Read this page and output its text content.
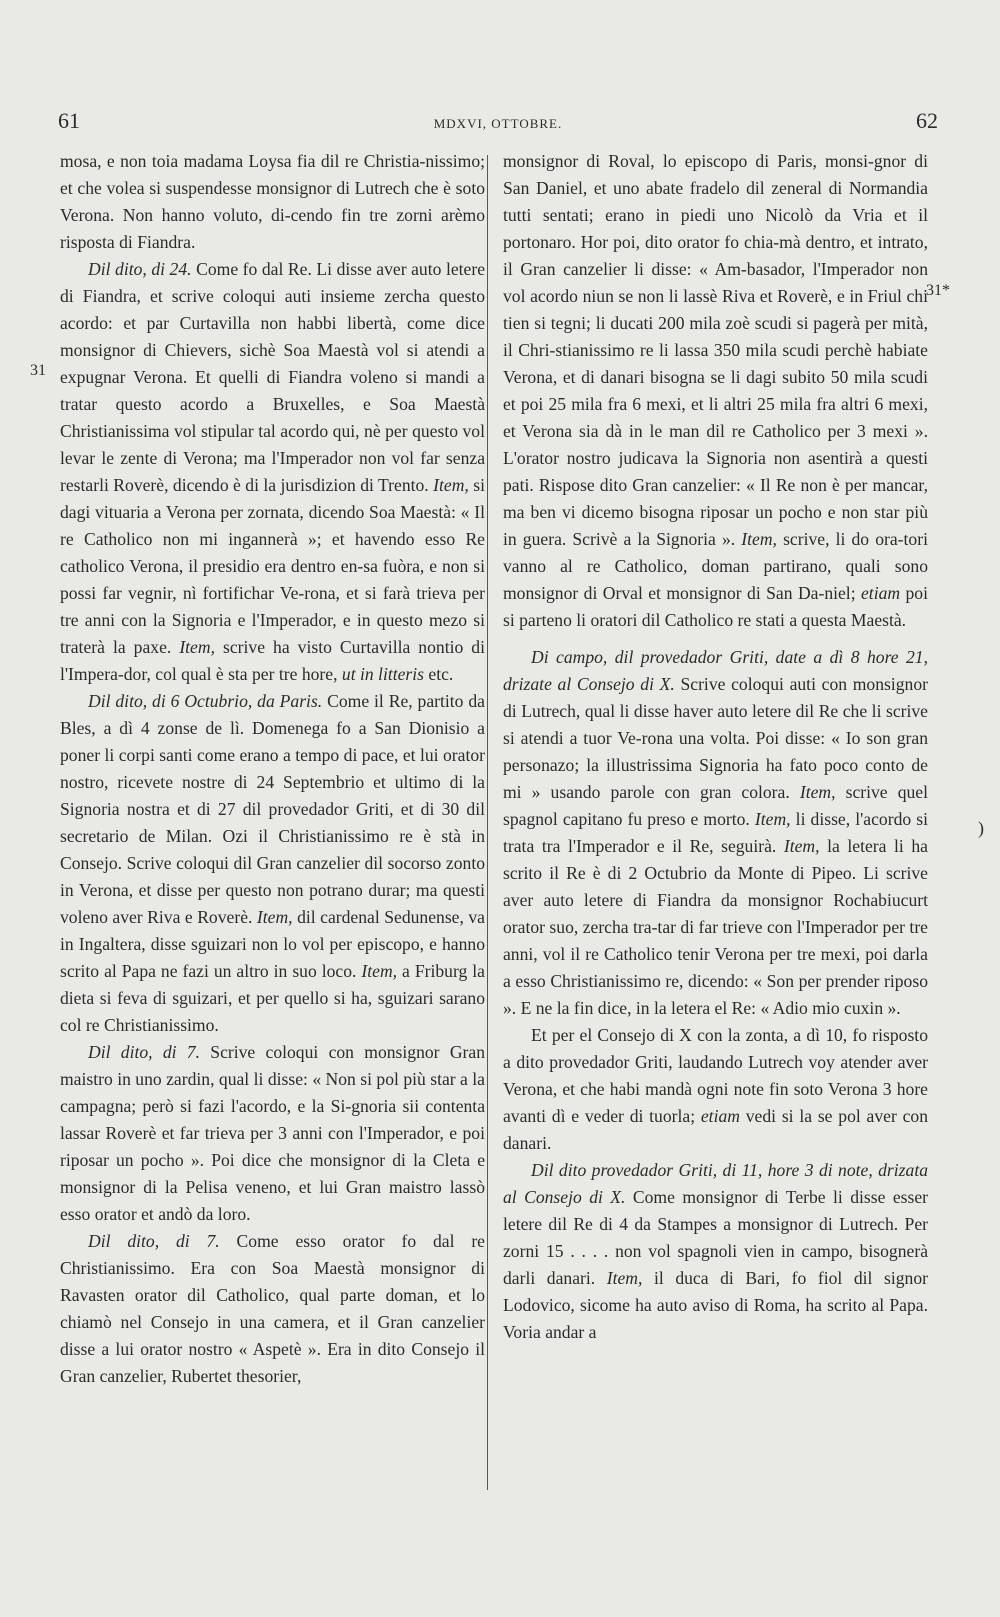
61	MDXVI, OTTOBRE.	62
31
31*
)

mosa, e non toia madama Loysa fia dil re Christia-nissimo; et che volea si suspendesse monsignor di Lutrech che è soto Verona. Non hanno voluto, di-cendo fin tre zorni arèmo risposta di Fiandra.

Dil dito, di 24. Come fo dal Re. Li disse aver auto letere di Fiandra, et scrive coloqui auti insieme zercha questo acordo: et par Curtavilla non habbi libertà, come dice monsignor di Chievers, sichè Soa Maestà vol si atendi a expugnar Verona. Et quelli di Fiandra voleno si mandi a tratar questo acordo a Bruxelles, e Soa Maestà Christianissima vol stipular tal acordo qui, nè per questo vol levar le zente di Verona; ma l'Imperador non vol far senza restarli Roverè, dicendo è di la jurisdizion di Trento. Item, si dagi vituaria a Verona per zornata, dicendo Soa Maestà: « Il re Catholico non mi ingannerà »; et havendo esso Re catholico Verona, il presidio era dentro en-sa fuòra, e non si possi far vegnir, nì fortifichar Ve-rona, et si farà trieva per tre anni con la Signoria e l'Imperador, e in questo mezo si traterà la paxe. Item, scrive ha visto Curtavilla nontio di l'Impera-dor, col qual è sta per tre hore, ut in litteris etc.

Dil dito, di 6 Octubrio, da Paris. Come il Re, partito da Bles, a dì 4 zonse de lì. Domenega fo a San Dionisio a poner li corpi santi come erano a tempo di pace, et lui orator nostro, ricevete nostre di 24 Septembrio et ultimo di la Signoria nostra et di 27 dil provedador Griti, et di 30 dil secretario de Milan. Ozi il Christianissimo re è stà in Consejo. Scrive coloqui dil Gran canzelier dil socorso zonto in Verona, et disse per questo non potrano durar; ma questi voleno aver Riva e Roverè. Item, dil cardenal Sedunense, va in Ingaltera, disse sguizari non lo vol per episcopo, e hanno scrito al Papa ne fazi un altro in suo loco. Item, a Friburg la dieta si feva di sguizari, et per quello si ha, sguizari sarano col re Christianissimo.

Dil dito, di 7. Scrive coloqui con monsignor Gran maistro in uno zardin, qual li disse: « Non si pol più star a la campagna; però si fazi l'acordo, e la Si-gnoria sii contenta lassar Roverè et far trieva per 3 anni con l'Imperador, e poi riposar un pocho ». Poi dice che monsignor di la Cleta e monsignor di la Pelisa veneno, et lui Gran maistro lassò esso orator et andò da loro.

Dil dito, di 7. Come esso orator fo dal re Christianissimo. Era con Soa Maestà monsignor di Ravasten orator dil Catholico, qual parte doman, et lo chiamò nel Consejo in una camera, et il Gran canzelier disse a lui orator nostro « Aspetè ». Era in dito Consejo il Gran canzelier, Rubertet thesorier,

monsignor di Roval, lo episcopo di Paris, monsi-gnor di San Daniel, et uno abate fradelo dil zeneral di Normandia tutti sentati; erano in piedi uno Nicolò da Vria et il portonaro. Hor poi, dito orator fo chia-mà dentro, et intrato, il Gran canzelier li disse: « Am-basador, l'Imperador non vol acordo niun se non li lassè Riva et Roverè, e in Friul chi tien si tegni; li ducati 200 mila zoè scudi si pagerà per mità, il Chri-stianissimo re li lassa 350 mila scudi perchè habiate Verona, et di danari bisogna se li dagi subito 50 mila scudi et poi 25 mila fra 6 mexi, et li altri 25 mila fra altri 6 mexi, et Verona sia dà in le man dil re Catholico per 3 mexi ». L'orator nostro judicava la Signoria non asentirà a questi pati. Rispose dito Gran canzelier: « Il Re non è per mancar, ma ben vi dicemo bisogna riposar un pocho e non star più in guera. Scrivè a la Signoria ». Item, scrive, li do ora-tori vanno al re Catholico, doman partirano, quali sono monsignor di Orval et monsignor di San Da-niel; etiam poi si parteno li oratori dil Catholico re stati a questa Maestà.

Di campo, dil provedador Griti, date a dì 8 hore 21, drizate al Consejo di X. Scrive coloqui auti con monsignor di Lutrech, qual li disse haver auto letere dil Re che li scrive si atendi a tuor Ve-rona una volta. Poi disse: « Io son gran personazo; la illustrissima Signoria ha fato poco conto de mi » usando parole con gran colora. Item, scrive quel spagnol capitano fu preso e morto. Item, li disse, l'acordo si trata tra l'Imperador e il Re, seguirà. Item, la letera li ha scrito il Re è di 2 Octubrio da Monte di Pipeo. Li scrive aver auto letere di Fiandra da monsignor Rochabiucurt orator suo, zercha tra-tar di far trieve con l'Imperador per tre anni, vol il re Catholico tenir Verona per tre mexi, poi darla a esso Christianissimo re, dicendo: « Son per prender riposo ». E ne la fin dice, in la letera el Re: « Adio mio cuxin ».

Et per el Consejo di X con la zonta, a dì 10, fo risposto a dito provedador Griti, laudando Lutrech voy atender aver Verona, et che habi mandà ogni note fin soto Verona 3 hore avanti dì e veder di tuorla; etiam vedi si la se pol aver con danari.

Dil dito provedador Griti, di 11, hore 3 di note, drizata al Consejo di X. Come monsignor di Terbe li disse esser letere dil Re di 4 da Stampes a monsignor di Lutrech. Per zorni 15 . . . . non vol spagnoli vien in campo, bisognerà darli danari. Item, il duca di Bari, fo fiol dil signor Lodovico, sicome ha auto aviso di Roma, ha scrito al Papa. Voria andar a
